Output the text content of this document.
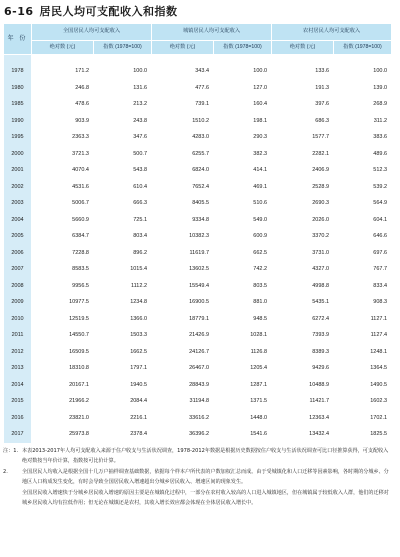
6-16 居民人均可支配收入和指数
年 份	全国居民人均可支配收入		城镇居民人均可支配收入		农村居民人均可支配收入	
	绝对数 (元)	指数 (1978=100)	绝对数 (元)	指数 (1978=100)	绝对数 (元)	指数 (1978=100)
1978	171.2	100.0	343.4	100.0	133.6	100.0
1980	246.8	131.6	477.6	127.0	191.3	139.0
1985	478.6	213.2	739.1	160.4	397.6	268.9
1990	903.9	243.8	1510.2	198.1	686.3	311.2
1995	2363.3	347.6	4283.0	290.3	1577.7	383.6
2000	3721.3	500.7	6255.7	382.3	2282.1	489.6
2001	4070.4	543.8	6824.0	414.1	2406.9	512.3
2002	4531.6	610.4	7652.4	469.1	2528.9	539.2
2003	5006.7	666.3	8405.5	510.6	2690.3	564.9
2004	5660.9	725.1	9334.8	549.0	2026.0	604.1
2005	6384.7	803.4	10382.3	600.9	3370.2	646.6
2006	7228.8	896.2	11619.7	662.5	3731.0	697.6
2007	8583.5	1015.4	13602.5	742.2	4327.0	767.7
2008	9956.5	1112.2	15549.4	803.5	4998.8	833.4
2009	10977.5	1234.8	16900.5	881.0	5435.1	908.3
2010	12519.5	1366.0	18779.1	948.5	6272.4	1127.1
2011	14550.7	1503.3	21426.9	1028.1	7393.9	1127.4
2012	16509.5	1662.5	24126.7	1126.8	8389.3	1248.1
2013	18310.8	1797.1	26467.0	1205.4	9429.6	1364.5
2014	20167.1	1940.5	28843.9	1287.1	10488.9	1490.5
2015	21966.2	2084.4	31194.8	1371.5	11421.7	1602.3
2016	23821.0	2216.1	33616.2	1448.0	12363.4	1702.1
2017	25973.8	2378.4	36396.2	1541.6	13432.4	1825.5
注：1. 本表2013-2017年人均可支配收入来源于住户收支与生活状况调查，1978-2012年数据是根据历史数据按住户收支与生活状况调查可比口径推算获得，可支配收入绝对数按当年价计算，指数按可比价计算。

2.	全国居民人均收入是根据全国十几万户抽样调查基础数据，依据每个样本户所代表的户数加权汇总而成。由于受城镇化和人口迁移等因素影响，各时期的分城乡、分地区人口构成发生变化，有时会导致全国居民收入增速超出分城乡居民收入、增速区间的现象发生。

全国居民收入增速快于分城乡居民收入增速的原因主要是在城镇化过程中，一部分在农村收入较高的人口进入城镇地区，但在城镇属于较低收入人群，他们的迁移对城乡居民收入均有拉低作用；但无论在城镇还是农村，其收入增长效应都会体现在全体居民收入增长中。
